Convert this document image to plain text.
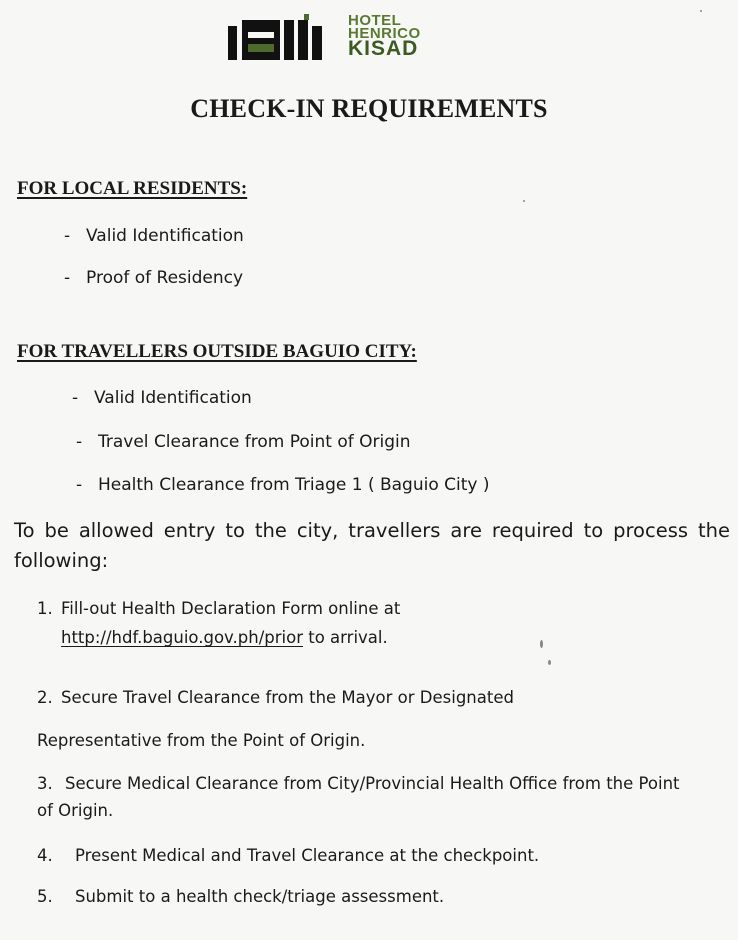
HOTEL
HENRICO
KISAD
CHECK-IN REQUIREMENTS
FOR LOCAL RESIDENTS:
- Valid Identification
- Proof of Residency
FOR TRAVELLERS OUTSIDE BAGUIO CITY:
- Valid Identification
- Travel Clearance from Point of Origin
- Health Clearance from Triage 1 ( Baguio City )
To be allowed entry to the city, travellers are required to process the following:
1. Fill-out Health Declaration Form online at
http://hdf.baguio.gov.ph/prior to arrival.
2. Secure Travel Clearance from the Mayor or Designated
Representative from the Point of Origin.
3. Secure Medical Clearance from City/Provincial Health Office from the Point
of Origin.
4. Present Medical and Travel Clearance at the checkpoint.
5. Submit to a health check/triage assessment.
